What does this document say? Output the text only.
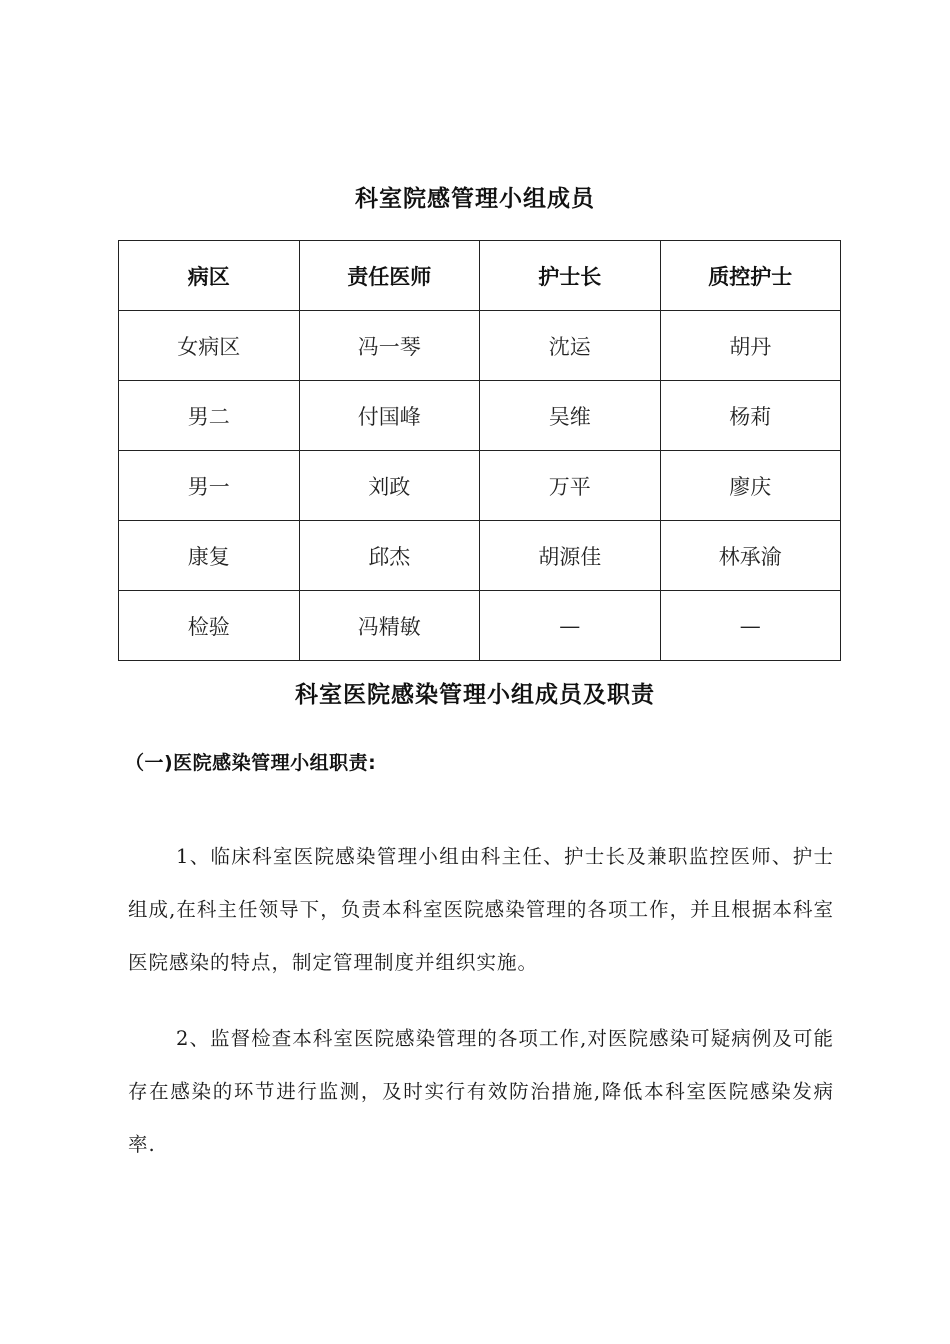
科室院感管理小组成员
病区	责任医师	护士长	质控护士
女病区	冯一琴	沈运	胡丹
男二	付国峰	吴维	杨莉
男一	刘政	万平	廖庆
康复	邱杰	胡源佳	林承渝
检验	冯精敏	—	—
科室医院感染管理小组成员及职责
（一)医院感染管理小组职责:

1、临床科室医院感染管理小组由科主任、护士长及兼职监控医师、护士组成,在科主任领导下，负责本科室医院感染管理的各项工作，并且根据本科室医院感染的特点，制定管理制度并组织实施。

2、监督检查本科室医院感染管理的各项工作,对医院感染可疑病例及可能存在感染的环节进行监测，及时实行有效防治措施,降低本科室医院感染发病率.
